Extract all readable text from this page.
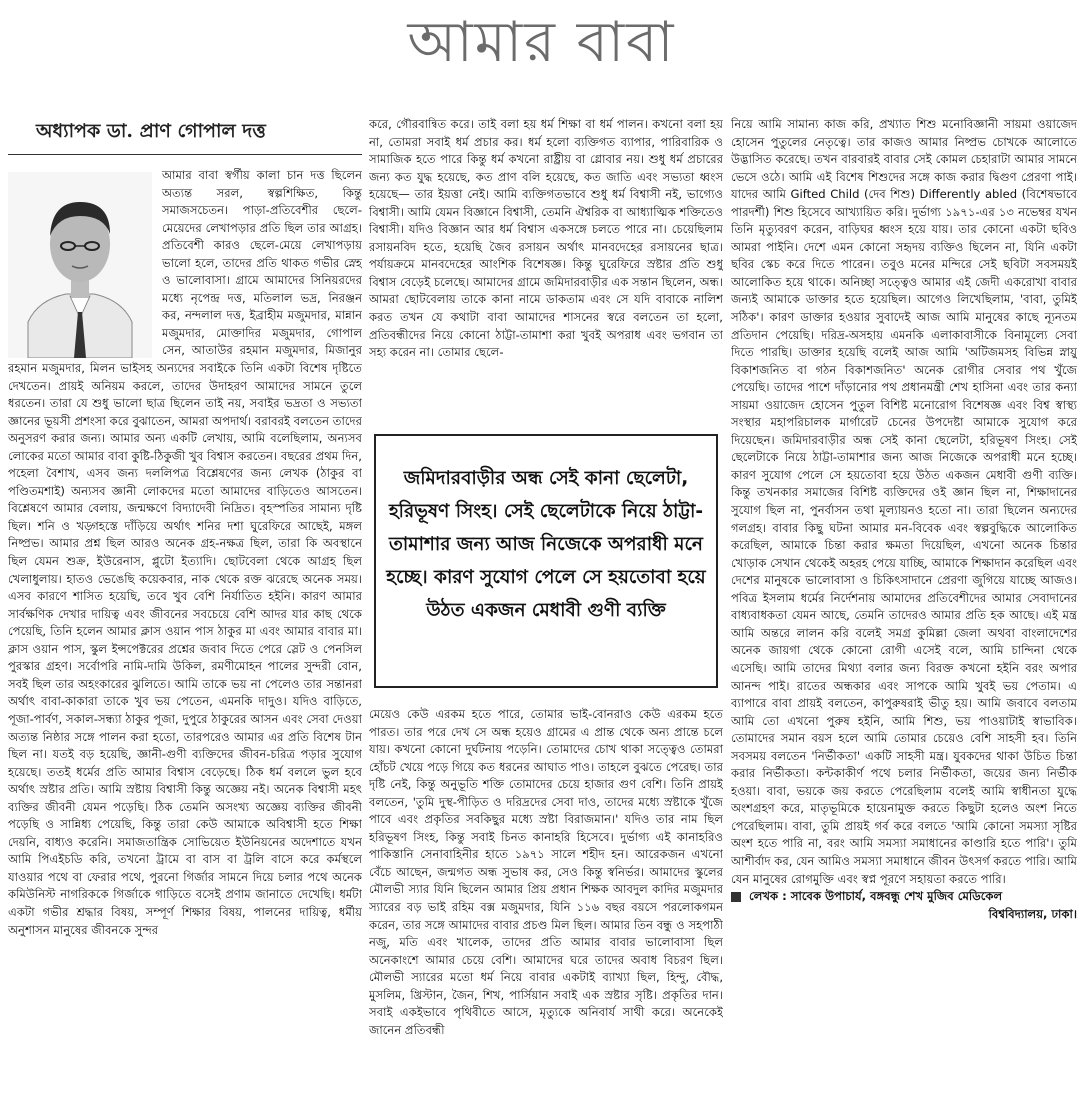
আমার বাবা
অধ্যাপক ডা. প্রাণ গোপাল দত্ত

আমার বাবা স্বর্গীয় কালা চান দত্ত ছিলেন অত্যন্ত সরল, স্বল্পশিক্ষিত, কিন্তু সমাজসচেতন। পাড়া-প্রতিবেশীর ছেলে-মেয়েদের লেখাপড়ার প্রতি ছিল তার আগ্রহ। প্রতিবেশী কারও ছেলে-মেয়ে লেখাপড়ায় ভালো হলে, তাদের প্রতি থাকত গভীর স্নেহ ও ভালোবাসা। গ্রামে আমাদের সিনিয়রদের মধ্যে নৃপেন্দ্র দত্ত, মতিলাল ভদ্র, নিরঞ্জন কর, নন্দলাল দত্ত, ইব্রাহীম মজুমদার, মান্নান মজুমদার, মোক্তাদির মজুমদার, গোপাল সেন, আতাউর রহমান মজুমদার, মিজানুর রহমান মজুমদার, মিলন ভাইসহ অন্যদের সবাইকে তিনি একটা বিশেষ দৃষ্টিতে দেখতেন। প্রায়ই অনিয়ম করলে, তাদের উদাহরণ আমাদের সামনে তুলে ধরতেন। তারা যে শুধু ভালো ছাত্র ছিলেন তাই নয়, সবাইর ভদ্রতা ও সভ্যতা জ্ঞানের ভূয়সী প্রশংসা করে বুঝাতেন, আমরা অপদার্থ। বরাবরই বলতেন তাদের অনুসরণ করার জন্য। আমার অন্য একটি লেখায়, আমি বলেছিলাম, অন্যসব লোকের মতো আমার বাবা কুষ্টি-ঠিকুজী খুব বিশ্বাস করতেন। বছরের প্রথম দিন, পহেলা বৈশাখ, এসব জন্য দললিপত্র বিশ্লেষণের জন্য লেখক (ঠাকুর বা পণ্ডিতমশাই) অন্যসব জ্ঞানী লোকদের মতো আমাদের বাড়িতেও আসতেন। বিশ্লেষণে আমার বেলায়, জন্মক্ষণে বিদ্যাদেবী নিদ্রিত। বৃহস্পতির সামান্য দৃষ্টি ছিল। শনি ও খড়্গহস্তে দাঁড়িয়ে অর্থাৎ শনির দশা ঘুরেফিরে আছেই, মঙ্গল নিষ্প্রভ। আমার প্রশ্ন ছিল আরও অনেক গ্রহ-নক্ষত্র ছিল, তারা কি অবস্থানে ছিল যেমন শুক্র, ইউরেনাস, প্লুটো ইত্যাদি। ছোটবেলা থেকে আগ্রহ ছিল খেলাধুলায়। হাতও ভেঙেছি কয়েকবার, নাক থেকে রক্ত ঝরেছে অনেক সময়। এসব কারণে শাসিত হয়েছি, তবে খুব বেশি নির্যাতিত হইনি। কারণ আমার সার্বক্ষণিক দেখার দায়িত্ব এবং জীবনের সবচেয়ে বেশি আদর যার কাছ থেকে পেয়েছি, তিনি হলেন আমার ক্লাস ওয়ান পাস ঠাকুর মা এবং আমার বাবার মা। ক্লাস ওয়ান পাস, স্কুল ইন্সপেক্টরের প্রশ্নের জবাব দিতে পেরে স্লেট ও পেনসিল পুরস্কার গ্রহণ। সর্বোপরি নামি-দামি উকিল, রমণীমোহন পালের সুন্দরী বোন, সবই ছিল তার অহংকারের ঝুলিতে। আমি তাকে ভয় না পেলেও তার সন্তানরা অর্থাৎ বাবা-কাকারা তাকে খুব ভয় পেতেন, এমনকি দাদুও। যদিও বাড়িতে, পূজা-পার্বণ, সকাল-সন্ধ্যা ঠাকুর পূজা, দুপুরে ঠাকুরের আসন এবং সেবা দেওয়া অত্যন্ত নিষ্ঠার সঙ্গে পালন করা হতো, তারপরেও আমার এর প্রতি বিশেষ টান ছিল না। যতই বড় হয়েছি, জ্ঞানী-গুণী ব্যক্তিদের জীবন-চরিত্র পড়ার সুযোগ হয়েছে। ততই ধর্মের প্রতি আমার বিশ্বাস বেড়েছে। ঠিক ধর্ম বললে ভুল হবে অর্থাৎ স্রষ্টার প্রতি। আমি স্রষ্টায় বিশ্বাসী কিন্তু অজ্ঞেয় নই। অনেক বিশ্বাসী মহৎ ব্যক্তির জীবনী যেমন পড়েছি। ঠিক তেমনি অসংখ্য অজ্ঞেয় ব্যক্তির জীবনী পড়েছি ও সান্নিধ্য পেয়েছি, কিন্তু তারা কেউ আমাকে অবিশ্বাসী হতে শিক্ষা দেয়নি, বাধ্যও করেনি। সমাজতান্ত্রিক সোভিয়েত ইউনিয়নের অদেশাতে যখন আমি পিএইচডি করি, তখনো ট্রামে বা বাস বা ট্রলি বাসে করে কর্মস্থলে যাওয়ার পথে বা ফেরার পথে, পুরনো গির্জার সামনে দিয়ে চলার পথে অনেক কমিউনিস্ট নাগরিককে গির্জাকে গাড়িতে বসেই প্রণাম জানাতে দেখেছি। ধর্মটা একটা গভীর শ্রদ্ধার বিষয়, সম্পূর্ণ শিক্ষার বিষয়, পালনের দায়িত্ব, ধর্মীয় অনুশাসন মানুষের জীবনকে সুন্দর

করে, গৌরবান্বিত করে। তাই বলা হয় ধর্ম শিক্ষা বা ধর্ম পালন। কখনো বলা হয় না, তোমরা সবাই ধর্ম প্রচার কর। ধর্ম হলো ব্যক্তিগত ব্যাপার, পারিবারিক ও সামাজিক হতে পারে কিন্তু ধর্ম কখনো রাষ্ট্রীয় বা গ্লোবার নয়। শুধু ধর্ম প্রচারের জন্য কত যুদ্ধ হয়েছে, কত প্রাণ বলি হয়েছে, কত জাতি এবং সভ্যতা ধ্বংস হয়েছে— তার ইয়ত্তা নেই। আমি ব্যক্তিগতভাবে শুধু ধর্ম বিশ্বাসী নই, ভাগ্যেও বিশ্বাসী। আমি যেমন বিজ্ঞানে বিশ্বাসী, তেমনি ঐশ্বরিক বা আধ্যাত্মিক শক্তিতেও বিশ্বাসী। যদিও বিজ্ঞান আর ধর্ম বিশ্বাস একসঙ্গে চলতে পারে না। চেয়েছিলাম রসায়নবিদ হতে, হয়েছি জৈব রসায়ন অর্থাৎ মানবদেহের রসায়নের ছাত্র। পর্যায়ক্রমে মানবদেহের আংশিক বিশেষজ্ঞ। কিন্তু ঘুরেফিরে স্রষ্টার প্রতি শুধু বিশ্বাস বেড়েই চলেছে। আমাদের গ্রামে জমিদারবাড়ীর এক সন্তান ছিলেন, অন্ধ। আমরা ছোটবেলায় তাকে কানা নামে ডাকতাম এবং সে যদি বাবাকে নালিশ করত তখন যে কথাটা বাবা আমাদের শাসনের স্বরে বলতেন তা হলো, প্রতিবন্ধীদের নিয়ে কোনো ঠাট্টা-তামাশা করা খুবই অপরাধ এবং ভগবান তা সহ্য করেন না। তোমার ছেলে-

জমিদারবাড়ীর অন্ধ সেই কানা ছেলেটা, হরিভূষণ সিংহ। সেই ছেলেটাকে নিয়ে ঠাট্টা-তামাশার জন্য আজ নিজেকে অপরাধী মনে হচ্ছে। কারণ সুযোগ পেলে সে হয়তোবা হয়ে উঠত একজন মেধাবী গুণী ব্যক্তি

মেয়েও কেউ এরকম হতে পারে, তোমার ভাই-বোনরাও কেউ এরকম হতে পারত। তার পরে দেখ সে অন্ধ হয়েও গ্রামের এ প্রান্ত থেকে অন্য প্রান্তে চলে যায়। কখনো কোনো দুর্ঘটনায় পড়েনি। তোমাদের চোখ থাকা সত্ত্বেও তোমরা হোঁচট খেয়ে পড়ে গিয়ে কত ধরনের আঘাত পাও। তাহলে বুঝতে পেরেছ। তার দৃষ্টি নেই, কিন্তু অনুভূতি শক্তি তোমাদের চেয়ে হাজার গুণ বেশি। তিনি প্রায়ই বলতেন, 'তুমি দুস্থ-পীড়িত ও দরিদ্রদের সেবা দাও, তাদের মধ্যে স্রষ্টাকে খুঁজে পাবে এবং প্রকৃতির সবকিছুর মধ্যে স্রষ্টা বিরাজমান।' যদিও তার নাম ছিল হরিভূষণ সিংহ, কিন্তু সবাই চিনত কানাহরি হিসেবে। দুর্ভাগ্য এই কানাহরিও পাকিস্তানি সেনাবাহিনীর হাতে ১৯৭১ সালে শহীদ হন। আরেকজন এখনো বেঁচে আছেন, জন্মগত অন্ধ সুভাষ কর, সেও কিন্তু স্বনির্ভর। আমাদের স্কুলের মৌলভী স্যার যিনি ছিলেন আমার প্রিয় প্রধান শিক্ষক আবদুল কাদির মজুমদার স্যারের বড় ভাই রহিম বক্স মজুমদার, যিনি ১১৬ বছর বয়সে পরলোকগমন করেন, তার সঙ্গে আমাদের বাবার প্রচণ্ড মিল ছিল। আমার তিন বন্ধু ও সহপাঠী নজু, মতি এবং খালেক, তাদের প্রতি আমার বাবার ভালোবাসা ছিল অনেকাংশে আমার চেয়ে বেশি। আমাদের ঘরে তাদের অবাধ বিচরণ ছিল। মৌলভী স্যারের মতো ধর্ম নিয়ে বাবার একটাই ব্যাখ্যা ছিল, হিন্দু, বৌদ্ধ, মুসলিম, খ্রিস্টান, জৈন, শিখ, পার্সিয়ান সবাই এক স্রষ্টার সৃষ্টি। প্রকৃতির দান। সবাই একইভাবে পৃথিবীতে আসে, মৃত্যুকে অনিবার্য সাথী করে। অনেকেই জানেন প্রতিবন্ধী

নিয়ে আমি সামান্য কাজ করি, প্রখ্যাত শিশু মনোবিজ্ঞানী সায়মা ওয়াজেদ হোসেন পুতুলের নেতৃত্বে। তার কাজও আমার নিষ্প্রভ চোখকে আলোতে উদ্ভাসিত করেছে। তখন বারবারই বাবার সেই কোমল চেহারাটা আমার সামনে ভেসে ওঠে। আমি এই বিশেষ শিশুদের সঙ্গে কাজ করার দ্বিগুণ প্রেরণা পাই। যাদের আমি Gifted Child (দেব শিশু) Differently abled (বিশেষভাবে পারদর্শী) শিশু হিসেবে আখ্যায়িত করি। দুর্ভাগ্য ১৯৭১-এর ১৩ নভেম্বর যখন তিনি মৃত্যুবরণ করেন, বাড়িঘর ধ্বংস হয়ে যায়। তার কোনো একটা ছবিও আমরা পাইনি। দেশে এমন কোনো সহৃদয় ব্যক্তিও ছিলেন না, যিনি একটা ছবির স্কেচ করে দিতে পারেন। তবুও মনের মন্দিরে সেই ছবিটা সবসময়ই আলোকিত হয়ে থাকে। অনিচ্ছা সত্ত্বেও আমার এই জেদী একরোখা বাবার জন্যই আমাকে ডাক্তার হতে হয়েছিল। আগেও লিখেছিলাম, 'বাবা, তুমিই সঠিক'। কারণ ডাক্তার হওয়ার সুবাদেই আজ আমি মানুষের কাছে ন্যূনতম প্রতিদান পেয়েছি। দরিদ্র-অসহায় এমনকি এলাকাবাসীকে বিনামূল্যে সেবা দিতে পারছি। ডাক্তার হয়েছি বলেই আজ আমি 'অটিজমসহ বিভিন্ন স্নায়ু বিকাশজনিত বা গঠন বিকাশজনিত' অনেক রোগীর সেবার পথ খুঁজে পেয়েছি। তাদের পাশে দাঁড়ানোর পথ প্রধানমন্ত্রী শেখ হাসিনা এবং তার কন্যা সায়মা ওয়াজেদ হোসেন পুতুল বিশিষ্ট মনোরোগ বিশেষজ্ঞ এবং বিশ্ব স্বাস্থ্য সংস্থার মহাপরিচালক মার্গারেট চেনের উপদেষ্টা আমাকে সুযোগ করে দিয়েছেন। জমিদারবাড়ীর অন্ধ সেই কানা ছেলেটা, হরিভূষণ সিংহ। সেই ছেলেটাকে নিয়ে ঠাট্টা-তামাশার জন্য আজ নিজেকে অপরাধী মনে হচ্ছে। কারণ সুযোগ পেলে সে হয়তোবা হয়ে উঠত একজন মেধাবী গুণী ব্যক্তি। কিন্তু তখনকার সমাজের বিশিষ্ট ব্যক্তিদের ওই জ্ঞান ছিল না, শিক্ষাদানের সুযোগ ছিল না, পুনর্বাসন তথা মূল্যায়নও হতো না। তারা ছিলেন অন্যদের গলগ্রহ। বাবার কিছু ঘটনা আমার মন-বিবেক এবং স্বল্পবুদ্ধিকে আলোকিত করেছিল, আমাকে চিন্তা করার ক্ষমতা দিয়েছিল, এখনো অনেক চিন্তার খোড়াক সেখান থেকেই অহরহ পেয়ে যাচ্ছি, আমাকে শিক্ষাদান করেছিল এবং দেশের মানুষকে ভালোবাসা ও চিকিৎসাদানে প্রেরণা জুগিয়ে যাচ্ছে আজও। পবিত্র ইসলাম ধর্মের নির্দেশনায় আমাদের প্রতিবেশীদের আমার সেবাদানের বাধ্যবাধকতা যেমন আছে, তেমনি তাদেরও আমার প্রতি হক আছে। এই মন্ত্র আমি অন্তরে লালন করি বলেই সমগ্র কুমিল্লা জেলা অথবা বাংলাদেশের অনেক জায়গা থেকে কোনো রোগী এসেই বলে, আমি চান্দিনা থেকে এসেছি। আমি তাদের মিথ্যা বলার জন্য বিরক্ত কখনো হইনি বরং অপার আনন্দ পাই। রাতের অন্ধকার এবং সাপকে আমি খুবই ভয় পেতাম। এ ব্যাপারে বাবা প্রায়ই বলতেন, কাপুরুষরাই ভীতু হয়। আমি জবাবে বলতাম আমি তো এখনো পুরুষ হইনি, আমি শিশু, ভয় পাওয়াটাই স্বাভাবিক। তোমাদের সমান বয়স হলে আমি তোমার চেয়েও বেশি সাহসী হব। তিনি সবসময় বলতেন 'নির্ভীকতা' একটি সাহসী মন্ত্র। যুবকদের থাকা উচিত চিন্তা করার নির্ভীকতা। কন্টকাকীর্ণ পথে চলার নির্ভীকতা, জয়ের জন্য নির্ভীক হওয়া। বাবা, ভয়কে জয় করতে পেরেছিলাম বলেই আমি স্বাধীনতা যুদ্ধে অংশগ্রহণ করে, মাতৃভূমিকে হায়েনামুক্ত করতে কিছুটা হলেও অংশ নিতে পেরেছিলাম। বাবা, তুমি প্রায়ই গর্ব করে বলতে 'আমি কোনো সমস্যা সৃষ্টির অংশ হতে পারি না, বরং আমি সমস্যা সমাধানের কাণ্ডারি হতে পারি'। তুমি আশীর্বাদ কর, যেন আমিও সমস্যা সমাধানে জীবন উৎসর্গ করতে পারি। আমি যেন মানুষের রোগমুক্তি এবং স্বপ্ন পূরণে সহায়তা করতে পারি।

লেখক : সাবেক উপাচার্য, বঙ্গবন্ধু শেখ মুজিব মেডিকেল

বিশ্ববিদ্যালয়, ঢাকা।
